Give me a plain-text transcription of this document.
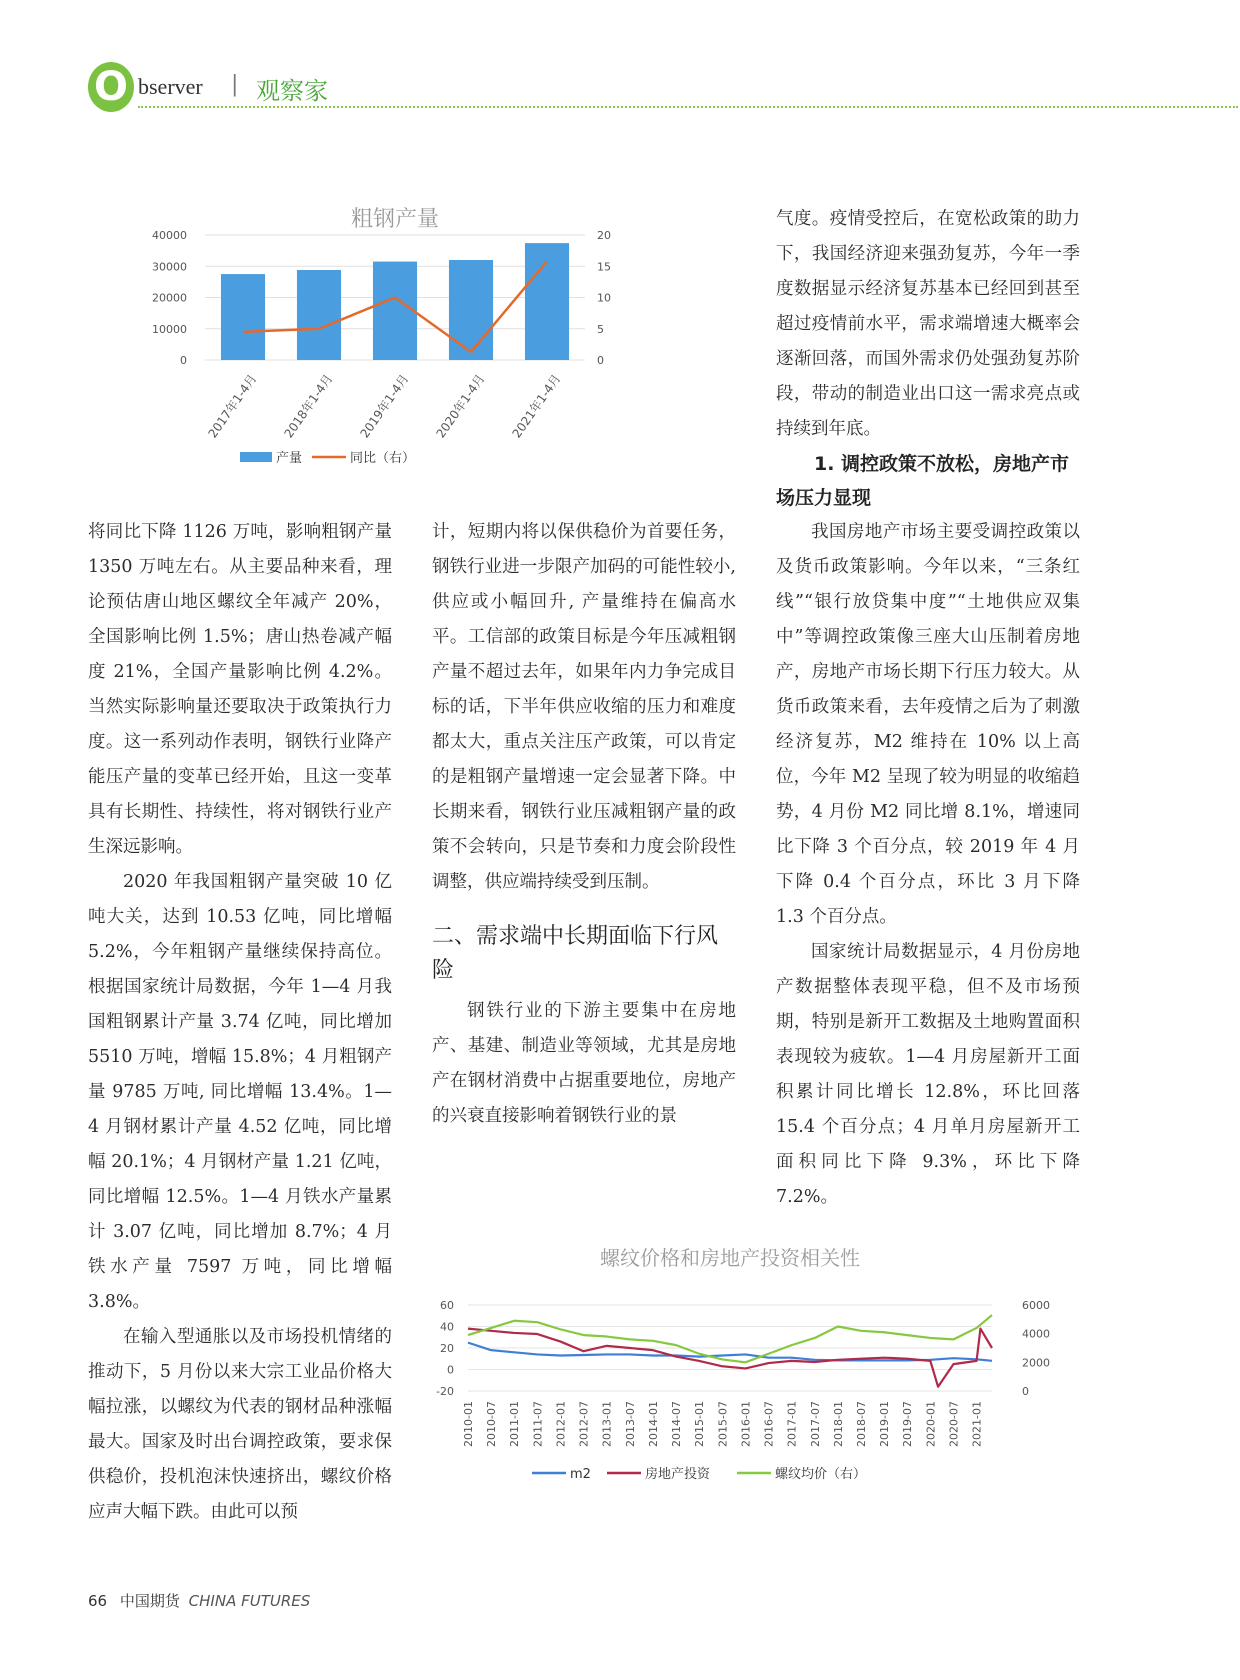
O bserver | 观察家
粗钢产量
0
10000
20000
30000
40000
0
5
10
15
20
2017年1-4月 2018年1-4月 2019年1-4月 2020年1-4月 2021年1-4月
产量	同比（右）
螺纹价格和房地产投资相关性
-20
0
20
40
60
0
2000
4000
6000
2010-01 2010-07 2011-01 2011-07 2012-01 2012-07 2013-01 2013-07 2014-01 2014-07 2015-01 2015-07 2016-01 2016-07 2017-01 2017-07 2018-01 2018-07 2019-01 2019-07 2020-01 2020-07 2021-01
m2	房地产投资	螺纹均价（右）

将同比下降 1126 万吨，影响粗钢产量 1350 万吨左右。从主要品种来看，理论预估唐山地区螺纹全年减产 20%，全国影响比例 1.5%；唐山热卷减产幅度 21%，全国产量影响比例 4.2%。当然实际影响量还要取决于政策执行力度。这一系列动作表明，钢铁行业降产能压产量的变革已经开始，且这一变革具有长期性、持续性，将对钢铁行业产生深远影响。

2020 年我国粗钢产量突破 10 亿吨大关，达到 10.53 亿吨，同比增幅 5.2%，今年粗钢产量继续保持高位。根据国家统计局数据，今年 1—4 月我国粗钢累计产量 3.74 亿吨，同比增加 5510 万吨，增幅 15.8%；4 月粗钢产量 9785 万吨, 同比增幅 13.4%。1—4 月钢材累计产量 4.52 亿吨，同比增幅 20.1%；4 月钢材产量 1.21 亿吨，同比增幅 12.5%。1—4 月铁水产量累计 3.07 亿吨，同比增加 8.7%；4 月铁水产量 7597 万吨，同比增幅 3.8%。

在输入型通胀以及市场投机情绪的推动下，5 月份以来大宗工业品价格大幅拉涨，以螺纹为代表的钢材品种涨幅最大。国家及时出台调控政策，要求保供稳价，投机泡沫快速挤出，螺纹价格应声大幅下跌。由此可以预

计，短期内将以保供稳价为首要任务，钢铁行业进一步限产加码的可能性较小, 供应或小幅回升, 产量维持在偏高水平。工信部的政策目标是今年压减粗钢产量不超过去年，如果年内力争完成目标的话，下半年供应收缩的压力和难度都太大，重点关注压产政策，可以肯定的是粗钢产量增速一定会显著下降。中长期来看，钢铁行业压减粗钢产量的政策不会转向，只是节奏和力度会阶段性调整，供应端持续受到压制。

二、需求端中长期面临下行风险

钢铁行业的下游主要集中在房地产、基建、制造业等领域，尤其是房地产在钢材消费中占据重要地位，房地产的兴衰直接影响着钢铁行业的景

气度。疫情受控后，在宽松政策的助力下，我国经济迎来强劲复苏，今年一季度数据显示经济复苏基本已经回到甚至超过疫情前水平，需求端增速大概率会逐渐回落，而国外需求仍处强劲复苏阶段，带动的制造业出口这一需求亮点或持续到年底。

1. 调控政策不放松，房地产市场压力显现

我国房地产市场主要受调控政策以及货币政策影响。今年以来，“三条红线”“银行放贷集中度”“土地供应双集中”等调控政策像三座大山压制着房地产，房地产市场长期下行压力较大。从货币政策来看，去年疫情之后为了刺激经济复苏，M2 维持在 10% 以上高位，今年 M2 呈现了较为明显的收缩趋势，4 月份 M2 同比增 8.1%，增速同比下降 3 个百分点，较 2019 年 4 月下降 0.4 个百分点，环比 3 月下降 1.3 个百分点。

国家统计局数据显示，4 月份房地产数据整体表现平稳，但不及市场预期，特别是新开工数据及土地购置面积表现较为疲软。1—4 月房屋新开工面积累计同比增长 12.8%，环比回落 15.4 个百分点；4 月单月房屋新开工面积同比下降 9.3%，环比下降 7.2%。

66 中国期货 CHINA FUTURES
